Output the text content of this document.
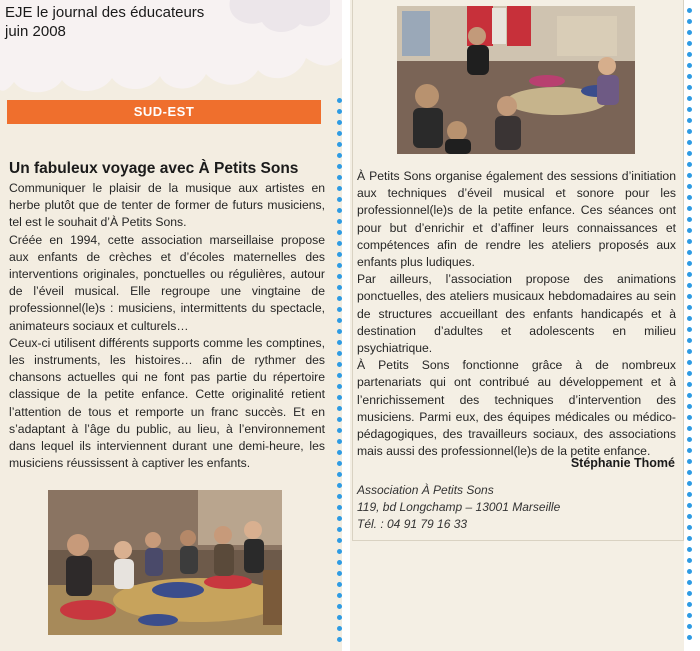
EJE le journal des éducateurs
juin 2008
SUD-EST
Un fabuleux voyage avec À Petits Sons

Communiquer le plaisir de la musique aux artistes en herbe plutôt que de tenter de former de futurs musiciens, tel est le souhait d’À Petits Sons.

Créée en 1994, cette association marseillaise propose aux enfants de crèches et d’écoles maternelles des interventions originales, ponctuelles ou régulières, autour de l’éveil musical. Elle regroupe une vingtaine de professionnel(le)s : musiciens, intermittents du spectacle, animateurs sociaux et culturels…

Ceux-ci utilisent différents supports comme les comptines, les instruments, les histoires… afin de rythmer des chansons actuelles qui ne font pas partie du répertoire classique de la petite enfance. Cette originalité retient l’attention de tous et remporte un franc succès. Et en s’adaptant à l’âge du public, au lieu, à l’environnement dans lequel ils interviennent durant une demi-heure, les musiciens réussissent à captiver les enfants.

À Petits Sons organise également des sessions d’initiation aux techniques d’éveil musical et sonore pour les professionnel(le)s de la petite enfance. Ces séances ont pour but d’enrichir et d’affiner leurs connaissances et compétences afin de rendre les ateliers proposés aux enfants plus ludiques.

Par ailleurs, l’association propose des animations ponctuelles, des ateliers musicaux hebdomadaires au sein de structures accueillant des enfants handicapés et à destination d’adultes et adolescents en milieu psychiatrique.

À Petits Sons fonctionne grâce à de nombreux partenariats qui ont contribué au développement et à l’enrichissement des techniques d’intervention des musiciens. Parmi eux, des équipes médicales ou médico-pédagogiques, des travailleurs sociaux, des associations mais aussi des professionnel(le)s de la petite enfance.

Stéphanie Thomé
Association À Petits Sons
119, bd Longchamp – 13001 Marseille
Tél. : 04 91 79 16 33
